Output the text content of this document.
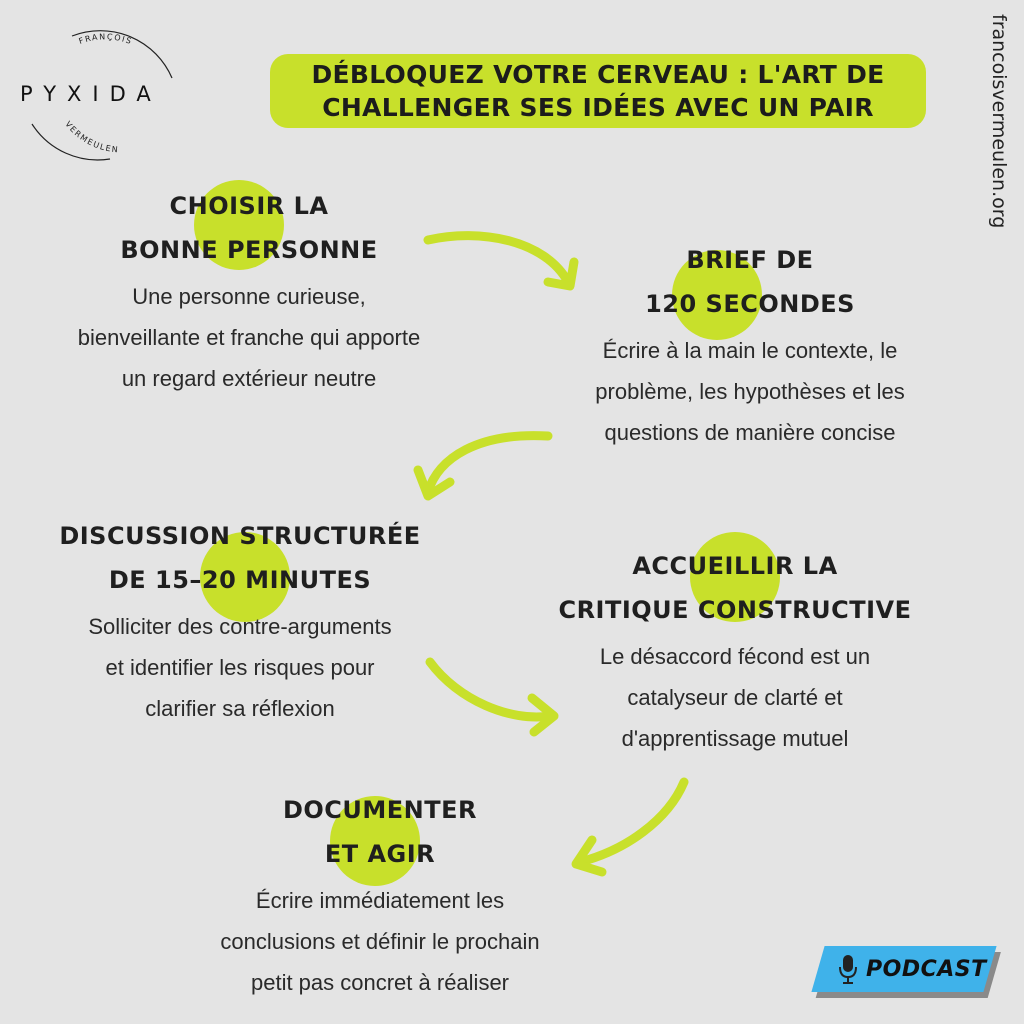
FRANÇOIS
VERMEULEN
PYXIDA
DÉBLOQUEZ VOTRE CERVEAU : L'ART DE
CHALLENGER SES IDÉES AVEC UN PAIR	francoisvermeulen.org
CHOISIR LA
BONNE PERSONNE
Une personne curieuse,
bienveillante et franche qui apporte
un regard extérieur neutre
BRIEF DE
120 SECONDES
Écrire à la main le contexte, le
problème, les hypothèses et les
questions de manière concise
DISCUSSION STRUCTURÉE
DE 15–20 MINUTES
Solliciter des contre-arguments
et identifier les risques pour
clarifier sa réflexion
ACCUEILLIR LA
CRITIQUE CONSTRUCTIVE
Le désaccord fécond est un
catalyseur de clarté et
d'apprentissage mutuel
DOCUMENTER
ET AGIR
Écrire immédiatement les
conclusions et définir le prochain
petit pas concret à réaliser
PODCAST
